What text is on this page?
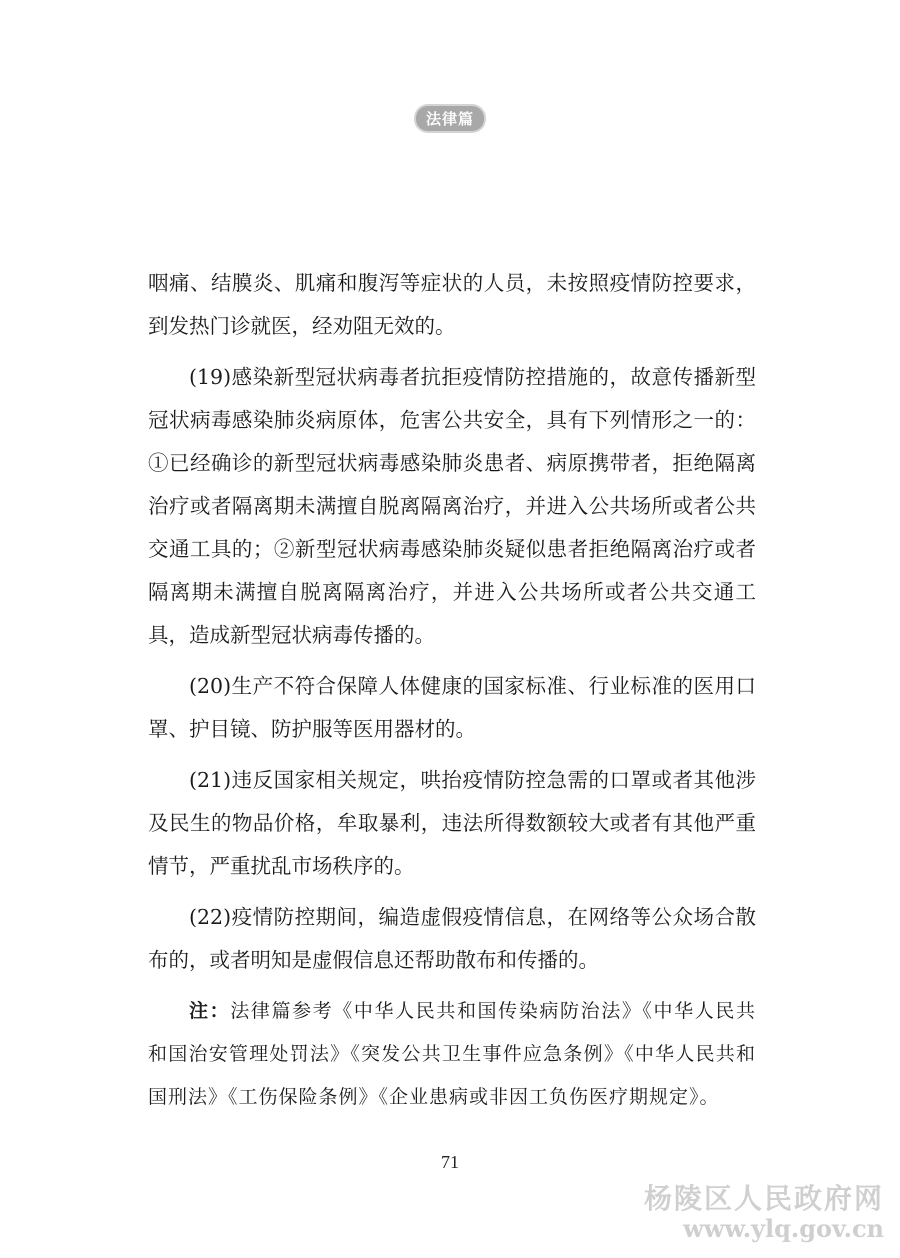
法律篇

咽痛、结膜炎、肌痛和腹泻等症状的人员，未按照疫情防控要求，到发热门诊就医，经劝阻无效的。

(19)感染新型冠状病毒者抗拒疫情防控措施的，故意传播新型冠状病毒感染肺炎病原体，危害公共安全，具有下列情形之一的：①已经确诊的新型冠状病毒感染肺炎患者、病原携带者，拒绝隔离治疗或者隔离期未满擅自脱离隔离治疗，并进入公共场所或者公共交通工具的；②新型冠状病毒感染肺炎疑似患者拒绝隔离治疗或者隔离期未满擅自脱离隔离治疗，并进入公共场所或者公共交通工具，造成新型冠状病毒传播的。

(20)生产不符合保障人体健康的国家标准、行业标准的医用口罩、护目镜、防护服等医用器材的。

(21)违反国家相关规定，哄抬疫情防控急需的口罩或者其他涉及民生的物品价格，牟取暴利，违法所得数额较大或者有其他严重情节，严重扰乱市场秩序的。

(22)疫情防控期间，编造虚假疫情信息，在网络等公众场合散布的，或者明知是虚假信息还帮助散布和传播的。

注：法律篇参考《中华人民共和国传染病防治法》《中华人民共和国治安管理处罚法》《突发公共卫生事件应急条例》《中华人民共和国刑法》《工伤保险条例》《企业患病或非因工负伤医疗期规定》。

71
杨陵区人民政府网
www.ylq.gov.cn
